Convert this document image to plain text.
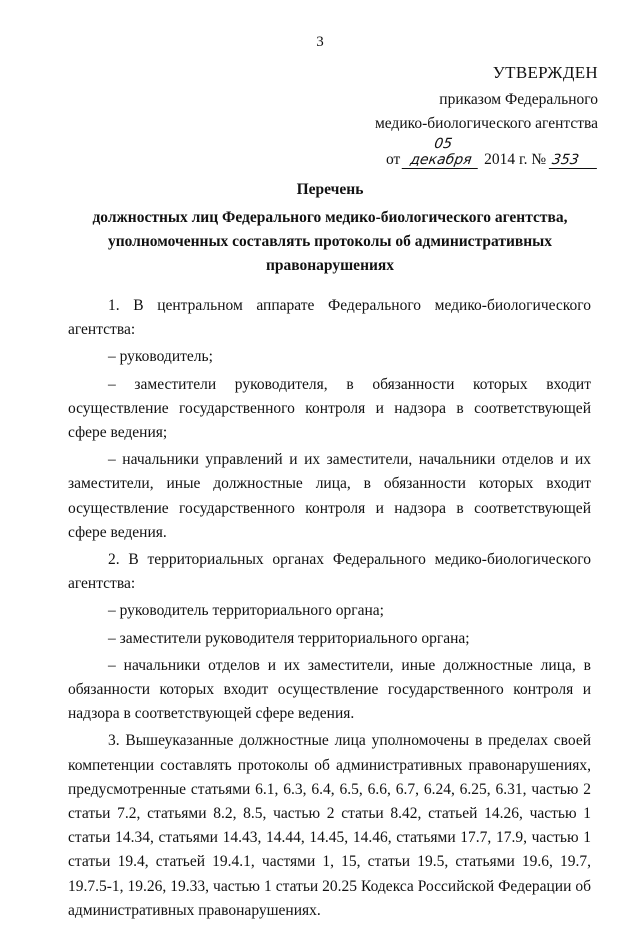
3
УТВЕРЖДЕН
приказом Федерального
медико-биологического агентства
от 05 декабря 2014 г. № 353
Перечень
должностных лиц Федерального медико-биологического агентства,
уполномоченных составлять протоколы об административных
правонарушениях

1. В центральном аппарате Федерального медико-биологического агентства:

– руководитель;

– заместители руководителя, в обязанности которых входит осуществление государственного контроля и надзора в соответствующей сфере ведения;

– начальники управлений и их заместители, начальники отделов и их заместители, иные должностные лица, в обязанности которых входит осуществление государственного контроля и надзора в соответствующей сфере ведения.

2. В территориальных органах Федерального медико-биологического агентства:

– руководитель территориального органа;

– заместители руководителя территориального органа;

– начальники отделов и их заместители, иные должностные лица, в обязанности которых входит осуществление государственного контроля и надзора в соответствующей сфере ведения.

3. Вышеуказанные должностные лица уполномочены в пределах своей компетенции составлять протоколы об административных правонарушениях, предусмотренные статьями 6.1, 6.3, 6.4, 6.5, 6.6, 6.7, 6.24, 6.25, 6.31, частью 2 статьи 7.2, статьями 8.2, 8.5, частью 2 статьи 8.42, статьей 14.26, частью 1 статьи 14.34, статьями 14.43, 14.44, 14.45, 14.46, статьями 17.7, 17.9, частью 1 статьи 19.4, статьей 19.4.1, частями 1, 15, статьи 19.5, статьями 19.6, 19.7, 19.7.5-1, 19.26, 19.33, частью 1 статьи 20.25 Кодекса Российской Федерации об административных правонарушениях.
